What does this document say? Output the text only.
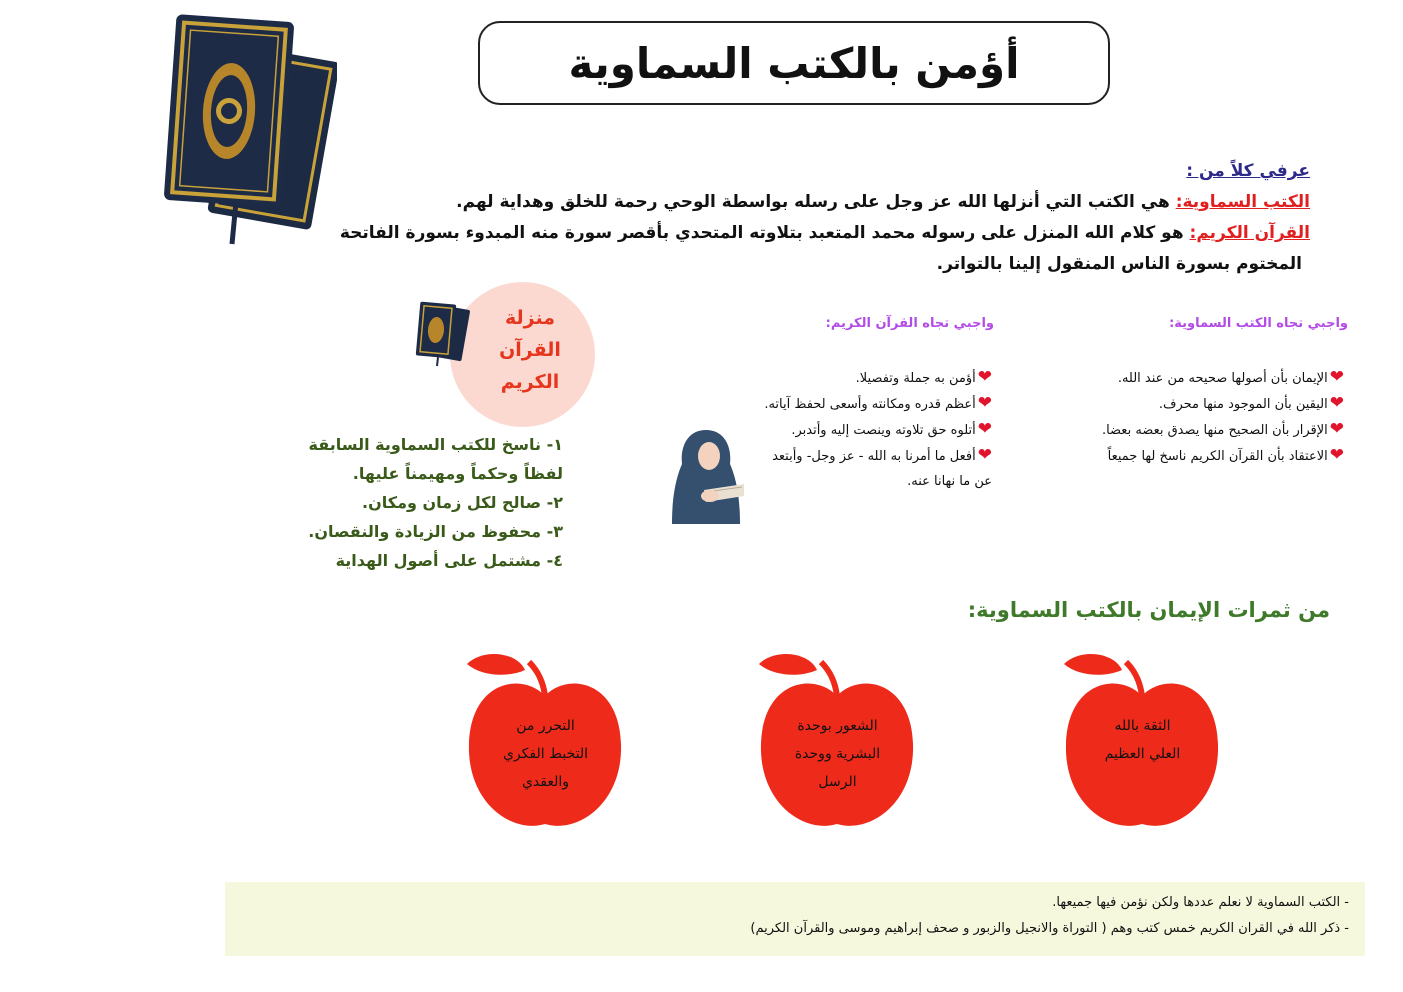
أؤمن بالكتب السماوية
عرفي كلاً من :
الكتب السماوية: هي الكتب التي أنزلها الله عز وجل على رسله بواسطة الوحي رحمة للخلق وهداية لهم.
القرآن الكريم: هو كلام الله المنزل على رسوله محمد المتعبد بتلاوته المتحدي بأقصر سورة منه المبدوء بسورة الفاتحة
المختوم بسورة الناس المنقول إلينا بالتواتر.
واجبي تجاه الكتب السماوية:
❤الإيمان بأن أصولها صحيحه من عند الله.
❤اليقين بأن الموجود منها محرف.
❤الإقرار بأن الصحيح منها يصدق بعضه بعضا.
❤الاعتقاد بأن القرآن الكريم ناسخ لها جميعاً
واجبي تجاه القرآن الكريم:
❤أؤمن به جملة وتفصيلا.
❤أعظم قدره ومكانته وأسعى لحفظ آياته.
❤أتلوه حق تلاوته وينصت إليه وأتدبر.
❤أفعل ما أمرنا به الله - عز وجل- وأبتعد عن ما نهانا عنه.
منزلة القرآن الكريم
١- ناسخ للكتب السماوية السابقة لفظاً وحكماً ومهيمناً عليها.
٢- صالح لكل زمان ومكان.
٣- محفوظ من الزيادة والنقصان.
٤- مشتمل على أصول الهداية
من ثمرات الإيمان بالكتب السماوية:
الثقة بالله
العلي العظيم
الشعور بوحدة
البشرية ووحدة
الرسل
التحرر من
التخبط الفكري
والعقدي
- الكتب السماوية لا نعلم عددها ولكن نؤمن فيها جميعها.
- ذكر الله في القران الكريم خمس كتب وهم ( التوراة والانجيل والزبور و صحف إبراهيم وموسى والقرآن الكريم)
